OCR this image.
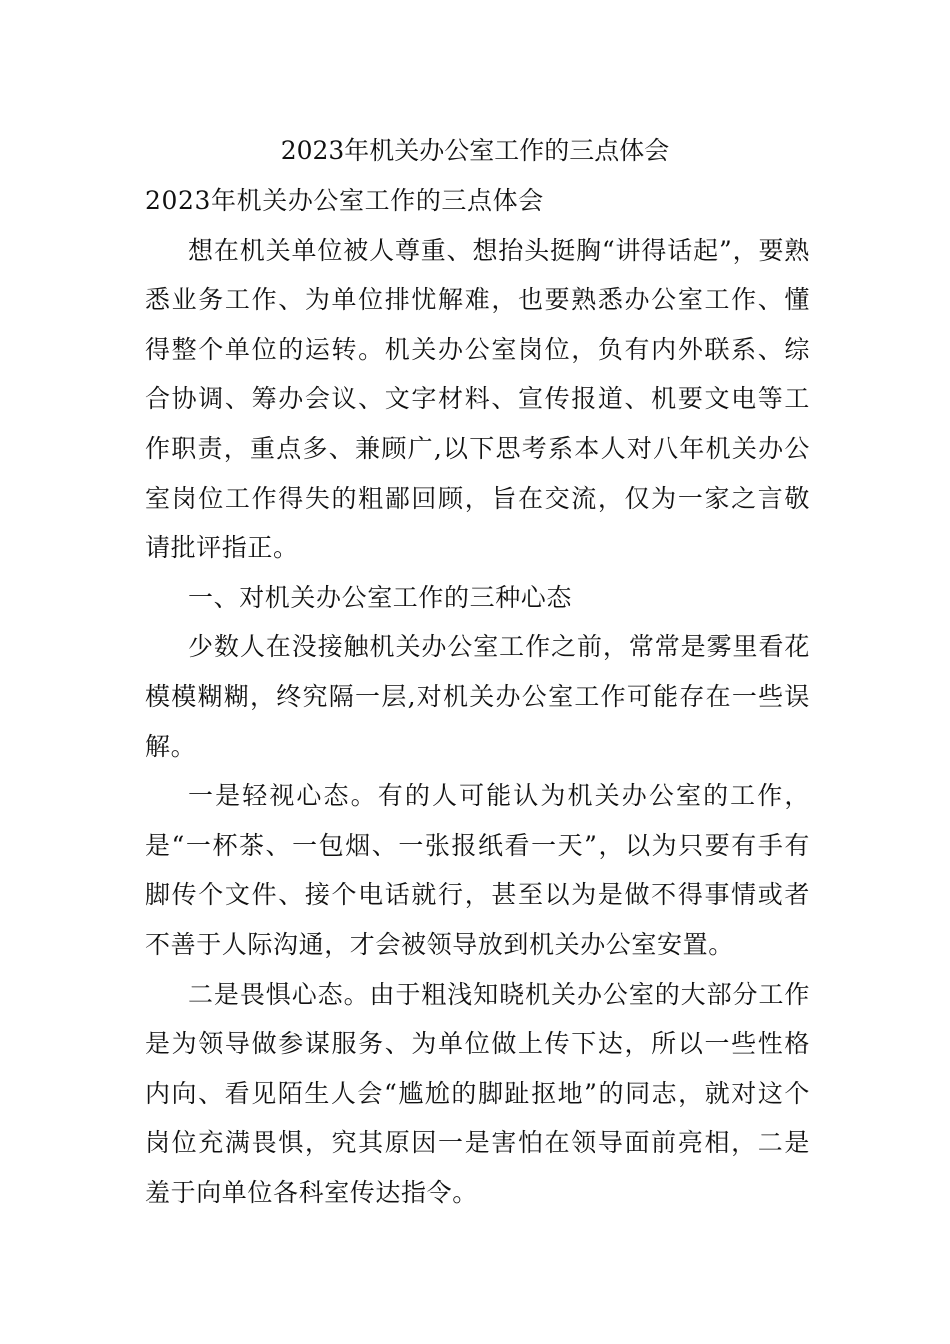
2023年机关办公室工作的三点体会

2023年机关办公室工作的三点体会

想在机关单位被人尊重、想抬头挺胸“讲得话起”，要熟悉业务工作、为单位排忧解难，也要熟悉办公室工作、懂得整个单位的运转。机关办公室岗位，负有内外联系、综合协调、筹办会议、文字材料、宣传报道、机要文电等工作职责，重点多、兼顾广,以下思考系本人对八年机关办公室岗位工作得失的粗鄙回顾，旨在交流，仅为一家之言敬请批评指正。

一、对机关办公室工作的三种心态

少数人在没接触机关办公室工作之前，常常是雾里看花模模糊糊，终究隔一层,对机关办公室工作可能存在一些误解。

一是轻视心态。有的人可能认为机关办公室的工作，是“一杯茶、一包烟、一张报纸看一天”，以为只要有手有脚传个文件、接个电话就行，甚至以为是做不得事情或者不善于人际沟通，才会被领导放到机关办公室安置。

二是畏惧心态。由于粗浅知晓机关办公室的大部分工作是为领导做参谋服务、为单位做上传下达，所以一些性格内向、看见陌生人会“尴尬的脚趾抠地”的同志，就对这个岗位充满畏惧，究其原因一是害怕在领导面前亮相，二是羞于向单位各科室传达指令。
